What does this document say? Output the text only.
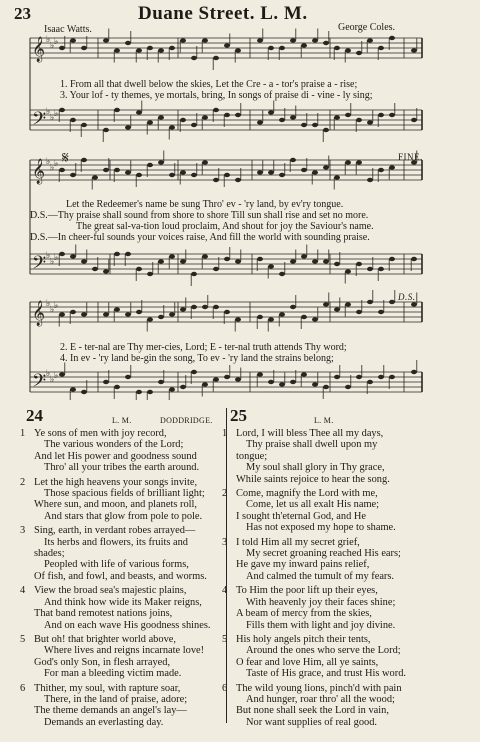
23	Duane Street. L. M.
Isaac Watts.	George Coles.
𝄞 ♭
♭ ♭
𝄢 ♭
♭ ♭
𝄞 ♭
♭ ♭
𝄢 ♭
♭ ♭
𝄞 ♭
♭ ♭
𝄢 ♭
♭ ♭
𝄋
1. From all that dwell below the skies, Let the Cre - a - tor's praise a - rise;
3. Your lof - ty themes, ye mortals, bring, In songs of praise di - vine - ly sing;
FINE.
Let the Redeemer's name be sung Thro' ev - 'ry land, by ev'ry tongue.
D.S.—Thy praise shall sound from shore to shore Till sun shall rise and set no more.
The great sal-va-tion loud proclaim, And shout for joy the Saviour's name.
D.S.—In cheer-ful sounds your voices raise, And fill the world with sounding praise.
D.S.
2. E - ter-nal are Thy mer-cies, Lord; E - ter-nal truth attends Thy word;
4. In ev - 'ry land be-gin the song, To ev - 'ry land the strains belong;
24	L. M.	DODDRIDGE.
1 Ye sons of men with joy record,
The various wonders of the Lord;
And let His power and goodness sound
Thro' all your tribes the earth around.
2 Let the high heavens your songs invite,
Those spacious fields of brilliant light;
Where sun, and moon, and planets roll,
And stars that glow from pole to pole.
3 Sing, earth, in verdant robes arrayed—
Its herbs and flowers, its fruits and
shades;
Peopled with life of various forms,
Of fish, and fowl, and beasts, and worms.
4 View the broad sea's majestic plains,
And think how wide its Maker reigns,
That band remotest nations joins,
And on each wave His goodness shines.
5 But oh! that brighter world above,
Where lives and reigns incarnate love!
God's only Son, in flesh arrayed,
For man a bleeding victim made.
6 Thither, my soul, with rapture soar,
There, in the land of praise, adore;
The theme demands an angel's lay—
Demands an everlasting day.
25	L. M.
1 Lord, I will bless Thee all my days,
Thy praise shall dwell upon my
tongue;
My soul shall glory in Thy grace,
While saints rejoice to hear the song.
2 Come, magnify the Lord with me,
Come, let us all exalt His name;
I sought th'eternal God, and He
Has not exposed my hope to shame.
3 I told Him all my secret grief,
My secret groaning reached His ears;
He gave my inward pains relief,
And calmed the tumult of my fears.
4 To Him the poor lift up their eyes,
With heavenly joy their faces shine;
A beam of mercy from the skies,
Fills them with light and joy divine.
5 His holy angels pitch their tents,
Around the ones who serve the Lord;
O fear and love Him, all ye saints,
Taste of His grace, and trust His word.
6 The wild young lions, pinch'd with pain
And hunger, roar thro' all the wood;
But none shall seek the Lord in vain,
Nor want supplies of real good.
